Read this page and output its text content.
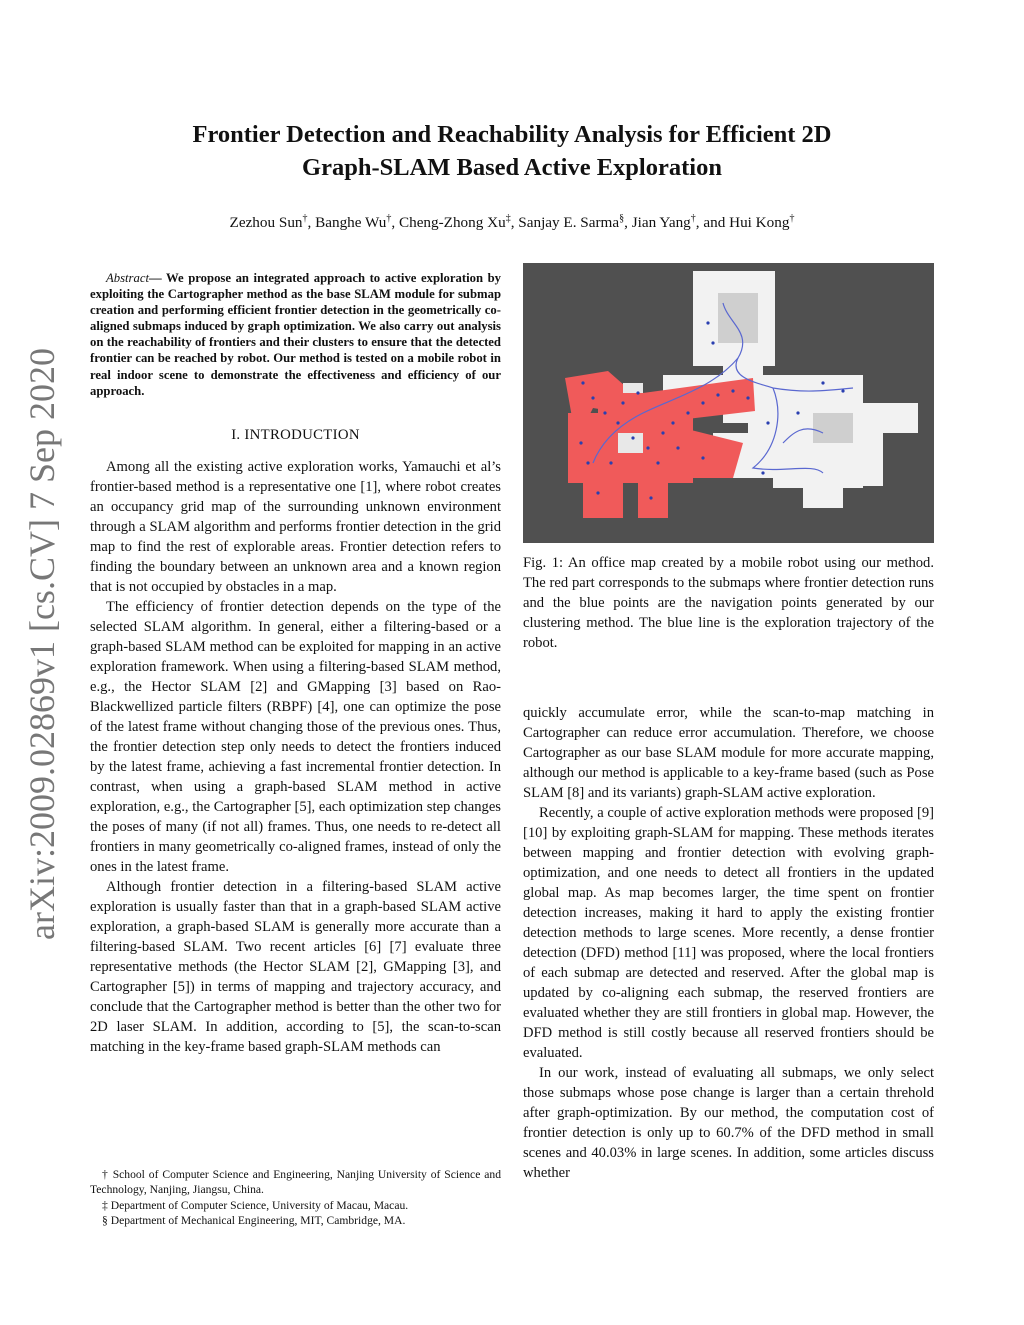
arXiv:2009.02869v1 [cs.CV] 7 Sep 2020
Frontier Detection and Reachability Analysis for Efficient 2D
Graph-SLAM Based Active Exploration
Zezhou Sun†, Banghe Wu†, Cheng-Zhong Xu‡, Sanjay E. Sarma§, Jian Yang†, and Hui Kong†

Abstract— We propose an integrated approach to active exploration by exploiting the Cartographer method as the base SLAM module for submap creation and performing efficient frontier detection in the geometrically co-aligned submaps induced by graph optimization. We also carry out analysis on the reachability of frontiers and their clusters to ensure that the detected frontier can be reached by robot. Our method is tested on a mobile robot in real indoor scene to demonstrate the effectiveness and efficiency of our approach.

I. INTRODUCTION

Among all the existing active exploration works, Yamauchi et al’s frontier-based method is a representative one [1], where robot creates an occupancy grid map of the surrounding unknown environment through a SLAM algorithm and performs frontier detection in the grid map to find the rest of explorable areas. Frontier detection refers to finding the boundary between an unknown area and a known region that is not occupied by obstacles in a map.

The efficiency of frontier detection depends on the type of the selected SLAM algorithm. In general, either a filtering-based or a graph-based SLAM method can be exploited for mapping in an active exploration framework. When using a filtering-based SLAM method, e.g., the Hector SLAM [2] and GMapping [3] based on Rao-Blackwellized particle filters (RBPF) [4], one can optimize the pose of the latest frame without changing those of the previous ones. Thus, the frontier detection step only needs to detect the frontiers induced by the latest frame, achieving a fast incremental frontier detection. In contrast, when using a graph-based SLAM method in active exploration, e.g., the Cartographer [5], each optimization step changes the poses of many (if not all) frames. Thus, one needs to re-detect all frontiers in many geometrically co-aligned frames, instead of only the ones in the latest frame.

Although frontier detection in a filtering-based SLAM active exploration is usually faster than that in a graph-based SLAM active exploration, a graph-based SLAM is generally more accurate than a filtering-based SLAM. Two recent articles [6] [7] evaluate three representative methods (the Hector SLAM [2], GMapping [3], and Cartographer [5]) in terms of mapping and trajectory accuracy, and conclude that the Cartographer method is better than the other two for 2D laser SLAM. In addition, according to [5], the scan-to-scan matching in the key-frame based graph-SLAM methods can

† School of Computer Science and Engineering, Nanjing University of Science and Technology, Nanjing, Jiangsu, China.
‡ Department of Computer Science, University of Macau, Macau.
§ Department of Mechanical Engineering, MIT, Cambridge, MA.

Fig. 1: An office map created by a mobile robot using our method. The red part corresponds to the submaps where frontier detection runs and the blue points are the navigation points generated by our clustering method. The blue line is the exploration trajectory of the robot.

quickly accumulate error, while the scan-to-map matching in Cartographer can reduce error accumulation. Therefore, we choose Cartographer as our base SLAM module for more accurate mapping, although our method is applicable to a key-frame based (such as Pose SLAM [8] and its variants) graph-SLAM active exploration.

Recently, a couple of active exploration methods were proposed [9] [10] by exploiting graph-SLAM for mapping. These methods iterates between mapping and frontier detection with evolving graph-optimization, and one needs to detect all frontiers in the updated global map. As map becomes larger, the time spent on frontier detection increases, making it hard to apply the existing frontier detection methods to large scenes. More recently, a dense frontier detection (DFD) method [11] was proposed, where the local frontiers of each submap are detected and reserved. After the global map is updated by co-aligning each submap, the reserved frontiers are evaluated whether they are still frontiers in global map. However, the DFD method is still costly because all reserved frontiers should be evaluated.

In our work, instead of evaluating all submaps, we only select those submaps whose pose change is larger than a certain threhold after graph-optimization. By our method, the computation cost of frontier detection is only up to 60.7% of the DFD method in small scenes and 40.03% in large scenes. In addition, some articles discuss whether
